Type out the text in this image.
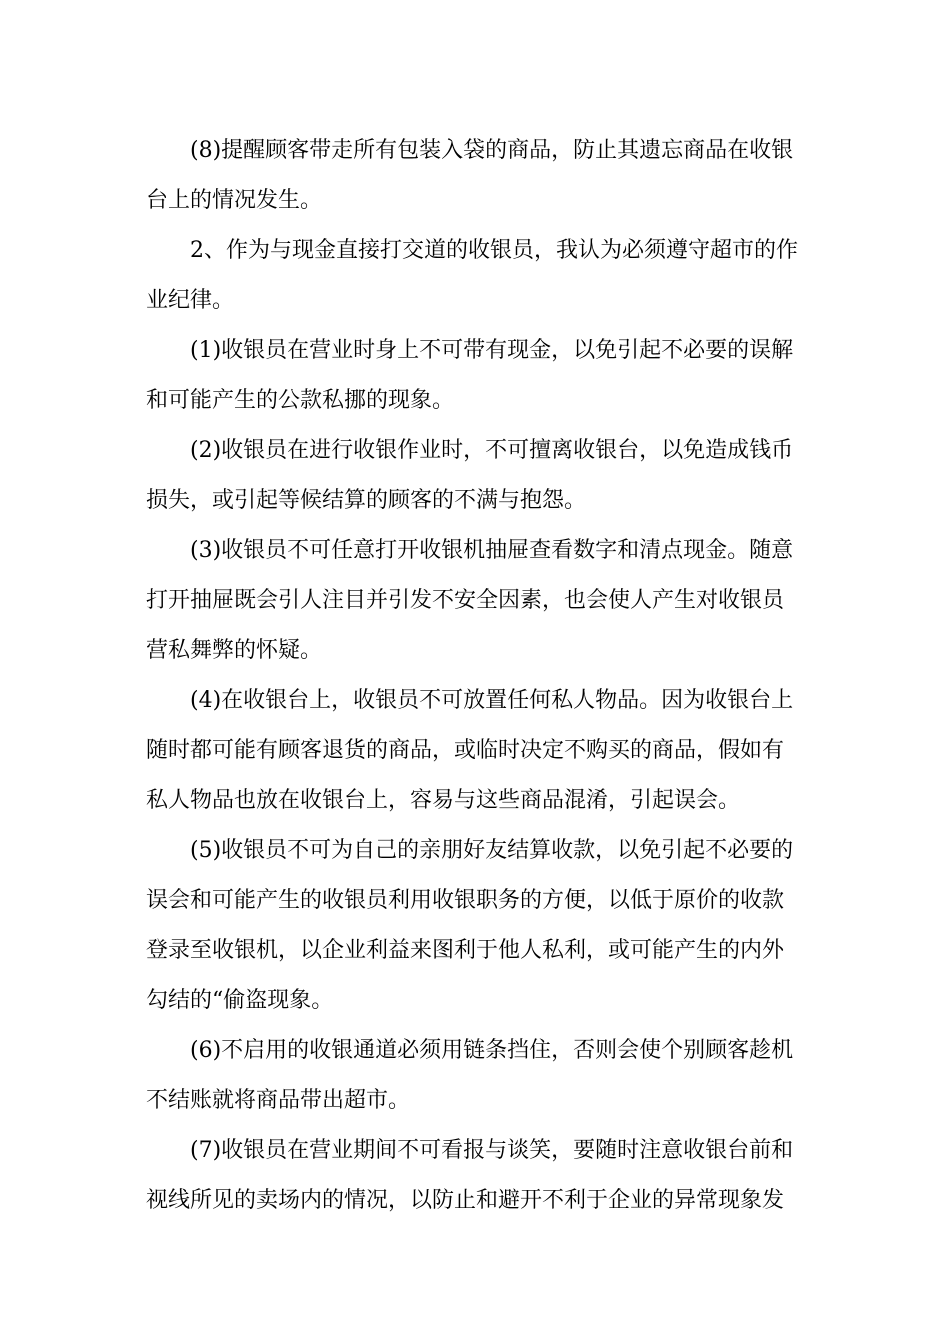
(8)提醒顾客带走所有包装入袋的商品，防止其遗忘商品在收银
台上的情况发生。
2、作为与现金直接打交道的收银员，我认为必须遵守超市的作
业纪律。
(1)收银员在营业时身上不可带有现金，以免引起不必要的误解
和可能产生的公款私挪的现象。
(2)收银员在进行收银作业时，不可擅离收银台，以免造成钱币
损失，或引起等候结算的顾客的不满与抱怨。
(3)收银员不可任意打开收银机抽屉查看数字和清点现金。随意
打开抽屉既会引人注目并引发不安全因素，也会使人产生对收银员
营私舞弊的怀疑。
(4)在收银台上，收银员不可放置任何私人物品。因为收银台上
随时都可能有顾客退货的商品，或临时决定不购买的商品，假如有
私人物品也放在收银台上，容易与这些商品混淆，引起误会。
(5)收银员不可为自己的亲朋好友结算收款，以免引起不必要的
误会和可能产生的收银员利用收银职务的方便，以低于原价的收款
登录至收银机，以企业利益来图利于他人私利，或可能产生的内外
勾结的“偷盗现象。
(6)不启用的收银通道必须用链条挡住，否则会使个别顾客趁机
不结账就将商品带出超市。
(7)收银员在营业期间不可看报与谈笑，要随时注意收银台前和
视线所见的卖场内的情况，以防止和避开不利于企业的异常现象发
